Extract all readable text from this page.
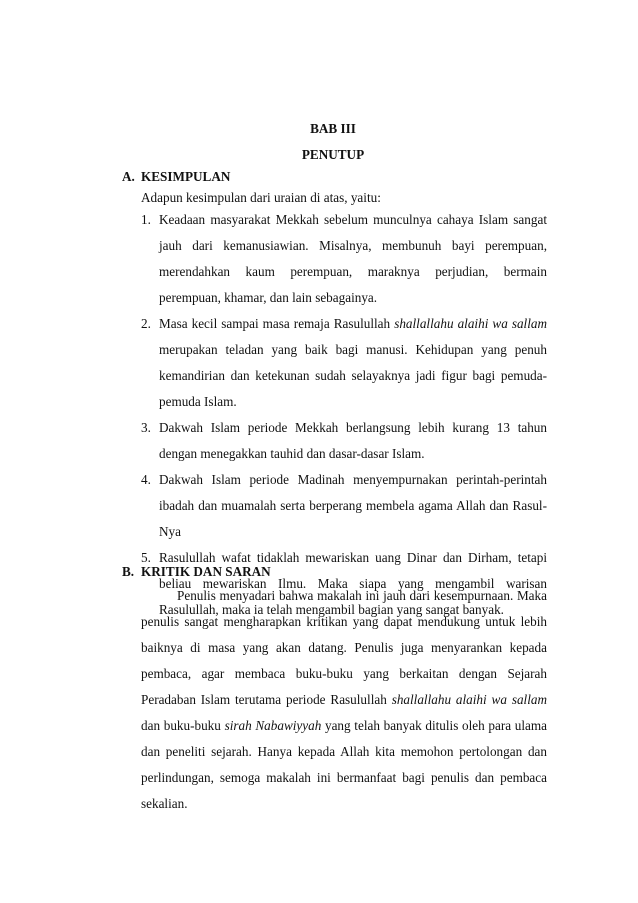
BAB III
PENUTUP
A. KESIMPULAN
Adapun kesimpulan dari uraian di atas, yaitu:
1. Keadaan masyarakat Mekkah sebelum munculnya cahaya Islam sangat jauh dari kemanusiawian. Misalnya, membunuh bayi perempuan, merendahkan kaum perempuan, maraknya perjudian, bermain perempuan, khamar, dan lain sebagainya.
2. Masa kecil sampai masa remaja Rasulullah shallallahu alaihi wa sallam merupakan teladan yang baik bagi manusi. Kehidupan yang penuh kemandirian dan ketekunan sudah selayaknya jadi figur bagi pemuda-pemuda Islam.
3. Dakwah Islam periode Mekkah berlangsung lebih kurang 13 tahun dengan menegakkan tauhid dan dasar-dasar Islam.
4. Dakwah Islam periode Madinah menyempurnakan perintah-perintah ibadah dan muamalah serta berperang membela agama Allah dan Rasul-Nya
5. Rasulullah wafat tidaklah mewariskan uang Dinar dan Dirham, tetapi beliau mewariskan Ilmu. Maka siapa yang mengambil warisan Rasulullah, maka ia telah mengambil bagian yang sangat banyak.
B. KRITIK DAN SARAN

Penulis menyadari bahwa makalah ini jauh dari kesempurnaan. Maka penulis sangat mengharapkan kritikan yang dapat mendukung untuk lebih baiknya di masa yang akan datang. Penulis juga menyarankan kepada pembaca, agar membaca buku-buku yang berkaitan dengan Sejarah Peradaban Islam terutama periode Rasulullah shallallahu alaihi wa sallam dan buku-buku sirah Nabawiyyah yang telah banyak ditulis oleh para ulama dan peneliti sejarah. Hanya kepada Allah kita memohon pertolongan dan perlindungan, semoga makalah ini bermanfaat bagi penulis dan pembaca sekalian.
